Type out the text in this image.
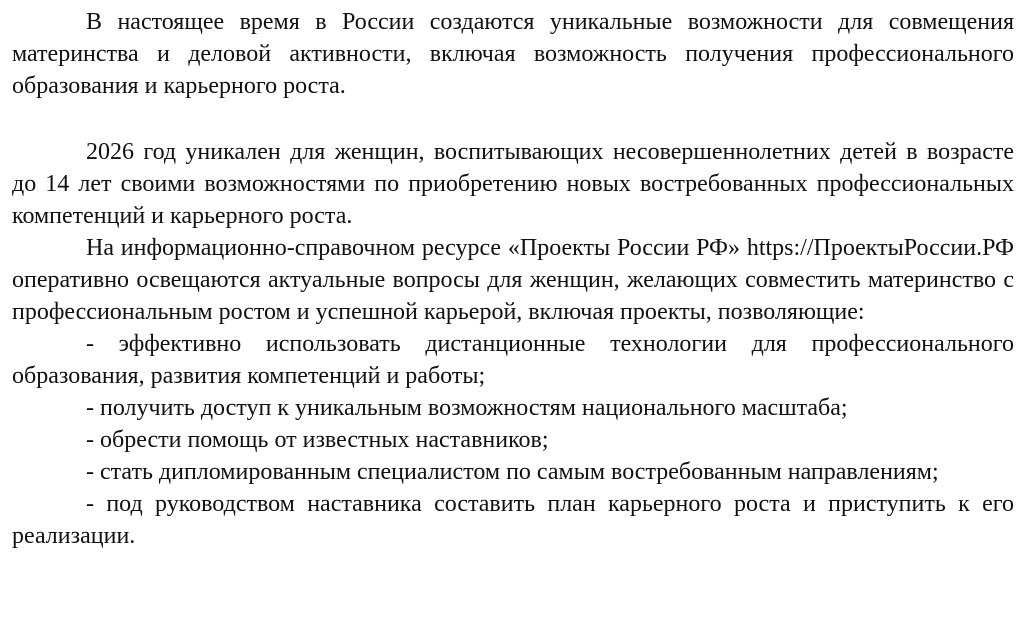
В настоящее время в России создаются уникальные возможности для совмещения материнства и деловой активности, включая возможность получения профессионального образования и карьерного роста.

2026 год уникален для женщин, воспитывающих несовершеннолетних детей в возрасте до 14 лет своими возможностями по приобретению новых востребованных профессиональных компетенций и карьерного роста.

На информационно-справочном ресурсе «Проекты России РФ» https://ПроектыРоссии.РФ оперативно освещаются актуальные вопросы для женщин, желающих совместить материнство с профессиональным ростом и успешной карьерой, включая проекты, позволяющие:

- эффективно использовать дистанционные технологии для профессионального образования, развития компетенций и работы;

- получить доступ к уникальным возможностям национального масштаба;

- обрести помощь от известных наставников;

- стать дипломированным специалистом по самым востребованным направлениям;

- под руководством наставника составить план карьерного роста и приступить к его реализации.
